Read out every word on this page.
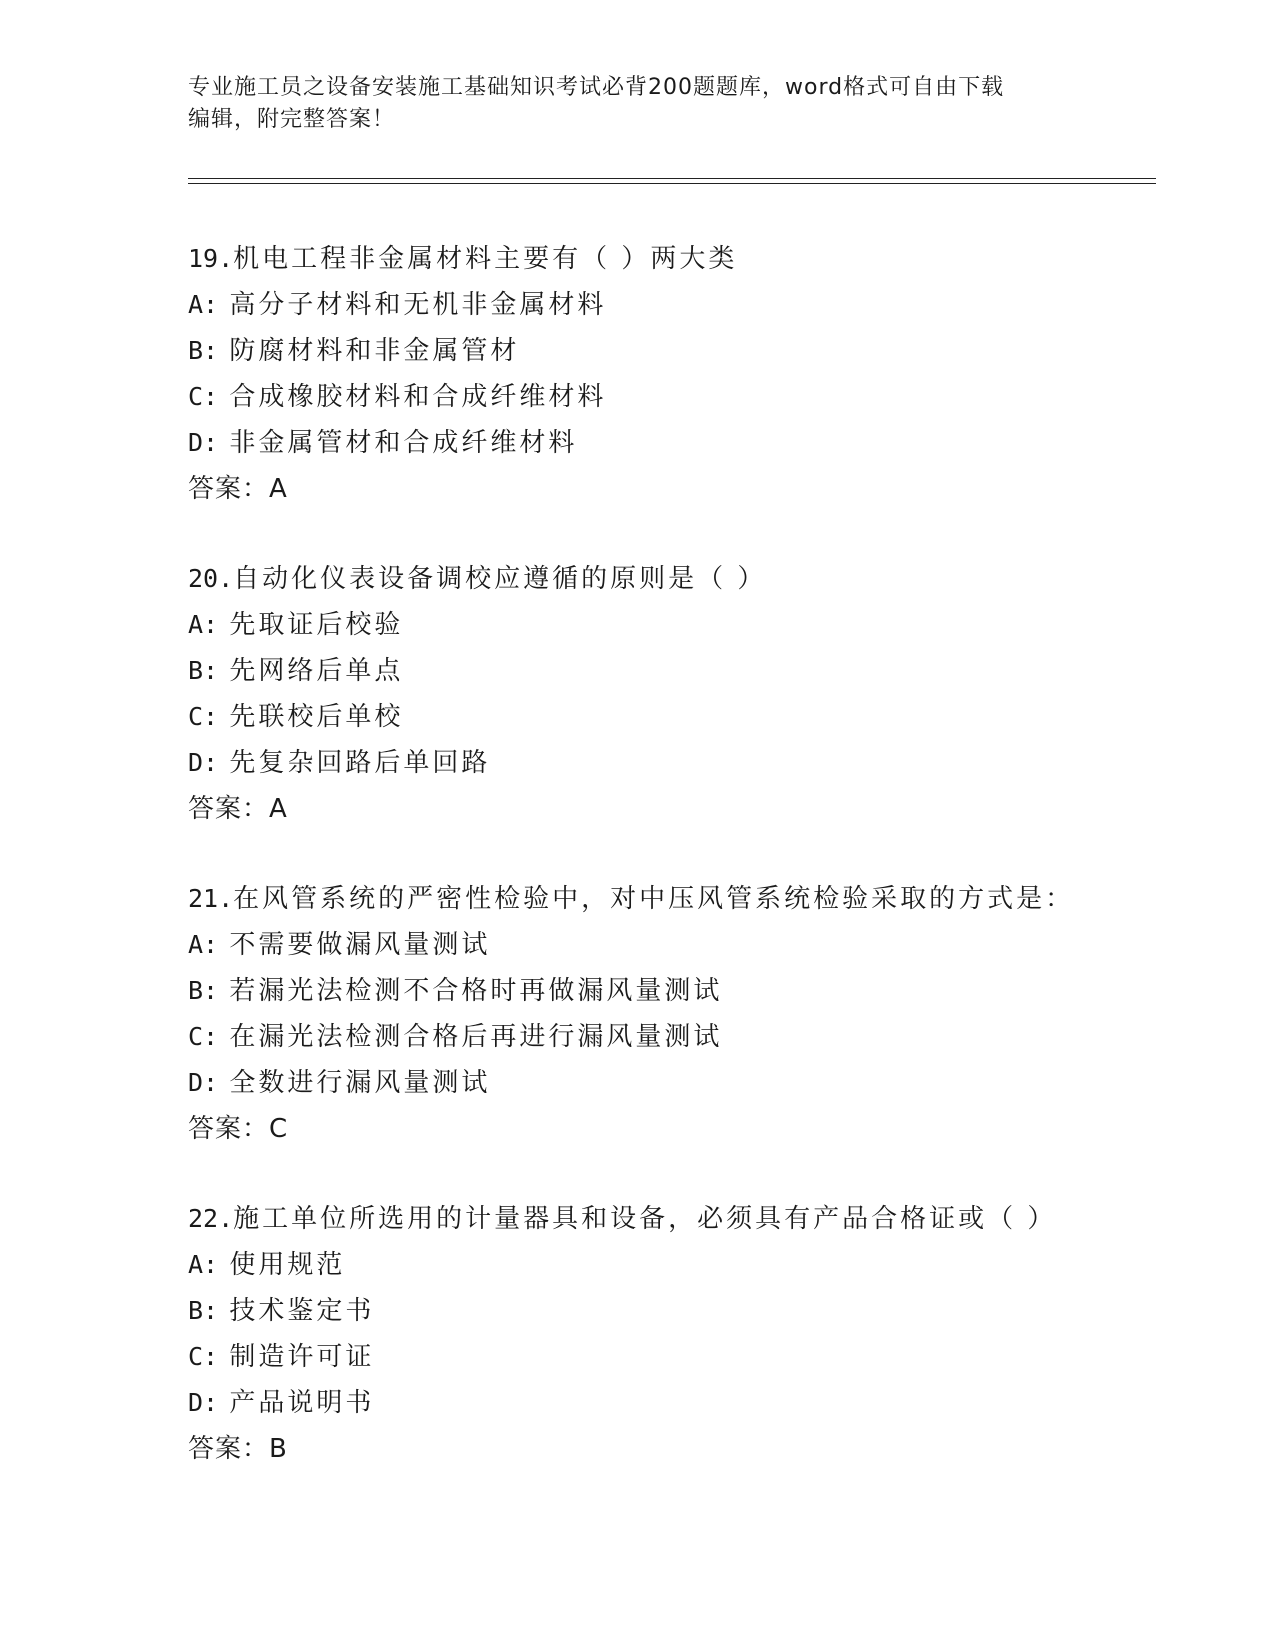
专业施工员之设备安装施工基础知识考试必背200题题库，word格式可自由下载

编辑，附完整答案！

19.机电工程非金属材料主要有（ ）两大类

A: 高分子材料和无机非金属材料

B: 防腐材料和非金属管材

C: 合成橡胶材料和合成纤维材料

D: 非金属管材和合成纤维材料

答案：A

20.自动化仪表设备调校应遵循的原则是（ ）

A: 先取证后校验

B: 先网络后单点

C: 先联校后单校

D: 先复杂回路后单回路

答案：A

21.在风管系统的严密性检验中，对中压风管系统检验采取的方式是：

A: 不需要做漏风量测试

B: 若漏光法检测不合格时再做漏风量测试

C: 在漏光法检测合格后再进行漏风量测试

D: 全数进行漏风量测试

答案：C

22.施工单位所选用的计量器具和设备，必须具有产品合格证或（ ）

A: 使用规范

B: 技术鉴定书

C: 制造许可证

D: 产品说明书

答案：B
